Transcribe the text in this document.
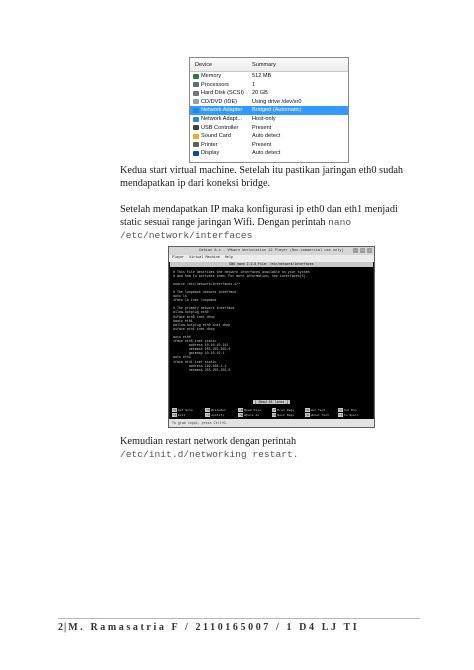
Device	Summary
Memory	512 MB
Processors	1
Hard Disk (SCSI)	20 GB
CD/DVD (IDE)	Using drive /dev/sr0
Network Adapter	Bridged (Automatic)
Network Adapt...	Host-only
USB Controller	Present
Sound Card	Auto detect
Printer	Present
Display	Auto detect
Kedua start virtual machine. Setelah itu pastikan jaringan eth0 sudah
mendapatkan ip dari koneksi bridge.
Setelah mendapatkan IP maka konfigurasi ip eth0 dan eth1 menjadi
static sesuai range jaringan Wifi. Dengan perintah nano
/etc/network/interfaces
Debian 8.x - VMware Workstation 12 Player (Non-commercial use only)	–	□	×
Player Virtual Machine Help
GNU nano 2.2.6 File: /etc/network/interfaces
# This file describes the network interfaces available on your system
# and how to activate them. For more information, see interfaces(5).
source /etc/network/interfaces.d/*
# The loopback network interface
auto lo
iface lo inet loopback
# The primary network interface
allow-hotplug eth0
#iface eth0 inet dhcp
#auto eth1
#allow-hotplug eth0 inet dhcp
#iface eth1 inet dhcp
auto eth0
iface eth0 inet static
address 10.10.10.211
netmask 255.255.255.0
gateway 10.10.10.1
auto eth1
iface eth1 inet static
address 192.168.1.1
netmask 255.255.255.0
[ Read 28 lines ]
^G Get Help	^O WriteOut	^R Read File	^Y Prev Page	^K Cut Text	^C Cur Pos
^X Exit	^J Justify	^W Where Is	^V Next Page	^U UnCut Text	^T To Spell
To grab input, press Ctrl+G.
Kemudian restart network dengan perintah
/etc/init.d/networking restart.
2| M. Ramasatria F / 2110165007 / 1 D4 LJ TI
